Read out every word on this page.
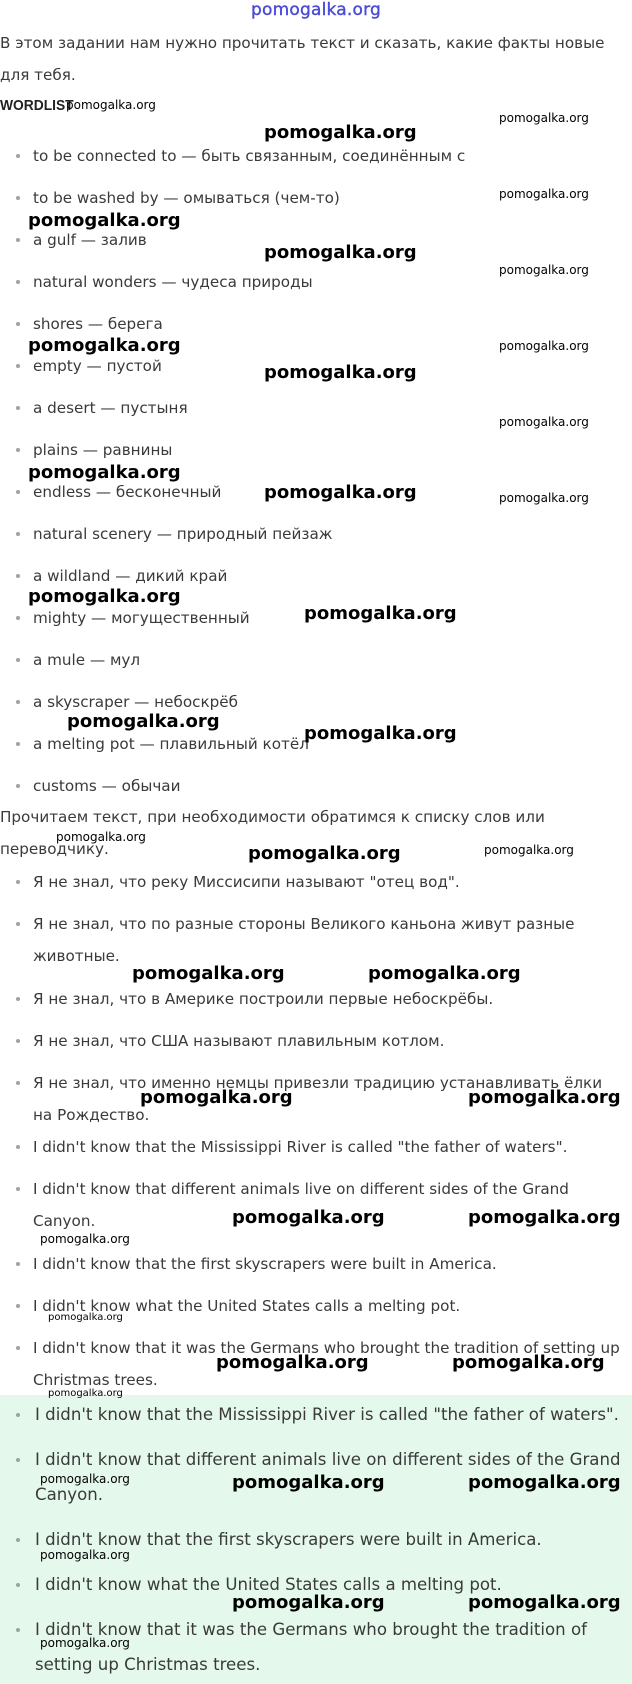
pomogalka.org

В этом задании нам нужно прочитать текст и сказать, какие факты новые для тебя.

WORDLIST
to be connected to — быть связанным, соединённым с
to be washed by — омываться (чем-то)
a gulf — залив
natural wonders — чудеса природы
shores — берега
empty — пустой
a desert — пустыня
plains — равнины
endless — бесконечный
natural scenery — природный пейзаж
a wildland — дикий край
mighty — могущественный
a mule — мул
a skyscraper — небоскрёб
a melting pot — плавильный котёл
customs — обычаи

Прочитаем текст, при необходимости обратимся к списку слов или переводчику.

Я не знал, что реку Миссисипи называют "отец вод".
Я не знал, что по разные стороны Великого каньона живут разные животные.
Я не знал, что в Америке построили первые небоскрёбы.
Я не знал, что США называют плавильным котлом.
Я не знал, что именно немцы привезли традицию устанавливать ёлки на Рождество.
I didn't know that the Mississippi River is called "the father of waters".
I didn't know that different animals live on different sides of the Grand Canyon.
I didn't know that the first skyscrapers were built in America.
I didn't know what the United States calls a melting pot.
I didn't know that it was the Germans who brought the tradition of setting up Christmas trees.
I didn't know that the Mississippi River is called "the father of waters".
I didn't know that different animals live on different sides of the Grand Canyon.
I didn't know that the first skyscrapers were built in America.
I didn't know what the United States calls a melting pot.
I didn't know that it was the Germans who brought the tradition of setting up Christmas trees.
pomogalka.org
pomogalka.org
pomogalka.org
pomogalka.org
pomogalka.org
pomogalka.org
pomogalka.org
pomogalka.org	pomogalka.org
pomogalka.org
pomogalka.org
pomogalka.org
pomogalka.org	pomogalka.org
pomogalka.org
pomogalka.org
pomogalka.org
pomogalka.org
pomogalka.org
pomogalka.org	pomogalka.org
pomogalka.org	pomogalka.org
pomogalka.org	pomogalka.org
pomogalka.org	pomogalka.org
pomogalka.org
pomogalka.org
pomogalka.org	pomogalka.org
pomogalka.org
pomogalka.org	pomogalka.org	pomogalka.org
pomogalka.org
pomogalka.org	pomogalka.org
pomogalka.org
